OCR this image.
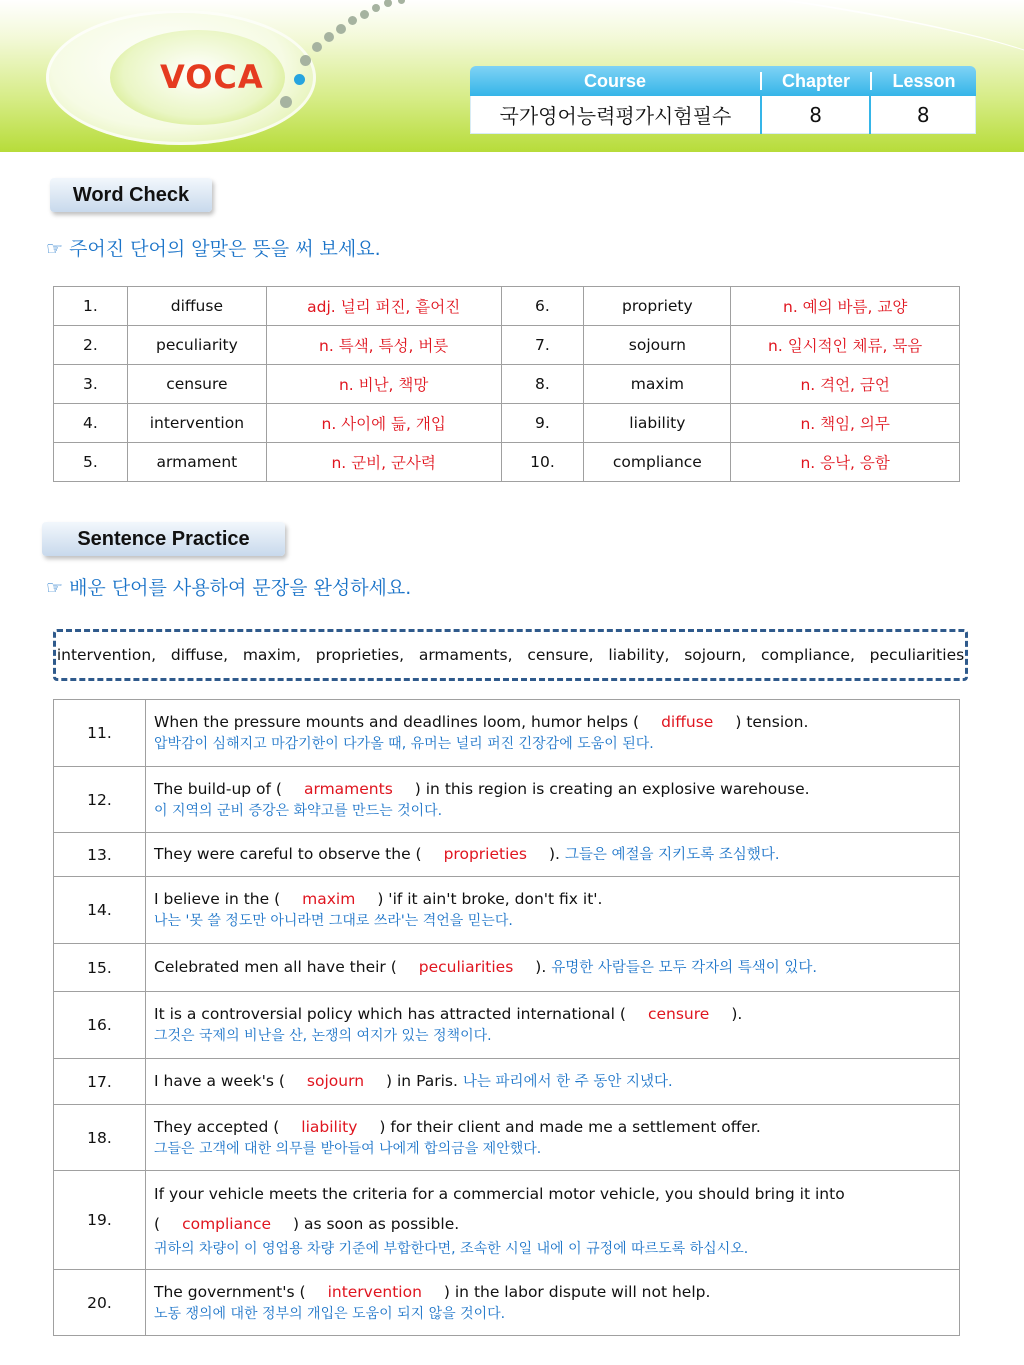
VOCA	Course	Chapter	Lesson
국가영어능력평가시험필수	8	8
Word Check
☞ 주어진 단어의 알맞은 뜻을 써 보세요.
1.	diffuse	adj. 널리 퍼진, 흩어진	6.	propriety	n. 예의 바름, 교양
2.	peculiarity	n. 특색, 특성, 버릇	7.	sojourn	n. 일시적인 체류, 묵음
3.	censure	n. 비난, 책망	8.	maxim	n. 격언, 금언
4.	intervention	n. 사이에 듦, 개입	9.	liability	n. 책임, 의무
5.	armament	n. 군비, 군사력	10.	compliance	n. 응낙, 응함
Sentence Practice
☞ 배운 단어를 사용하여 문장을 완성하세요.
intervention,   diffuse,   maxim,   proprieties,   armaments,   censure,   liability,   sojourn,   compliance,   peculiarities
11.	When the pressure mounts and deadlines loom, humor helps ( diffuse ) tension.
압박감이 심해지고 마감기한이 다가올 때, 유머는 널리 퍼진 긴장감에 도움이 된다.

12.	The build-up of ( armaments ) in this region is creating an explosive warehouse.
이 지역의 군비 증강은 화약고를 만드는 것이다.

13.	They were careful to observe the ( proprieties ). 그들은 예절을 지키도록 조심했다.

14.	I believe in the ( maxim ) 'if it ain't broke, don't fix it'.
나는 '못 쓸 정도만 아니라면 그대로 쓰라'는 격언을 믿는다.

15.	Celebrated men all have their ( peculiarities ). 유명한 사람들은 모두 각자의 특색이 있다.

16.	It is a controversial policy which has attracted international ( censure ).
그것은 국제의 비난을 산, 논쟁의 여지가 있는 정책이다.

17.	I have a week's ( sojourn ) in Paris. 나는 파리에서 한 주 동안 지냈다.

18.	They accepted ( liability ) for their client and made me a settlement offer.
그들은 고객에 대한 의무를 받아들여 나에게 합의금을 제안했다.

19.	If your vehicle meets the criteria for a commercial motor vehicle, you should bring it into
( compliance ) as soon as possible.
귀하의 차량이 이 영업용 차량 기준에 부합한다면, 조속한 시일 내에 이 규정에 따르도록 하십시오.

20.	The government's ( intervention ) in the labor dispute will not help.
노동 쟁의에 대한 정부의 개입은 도움이 되지 않을 것이다.
